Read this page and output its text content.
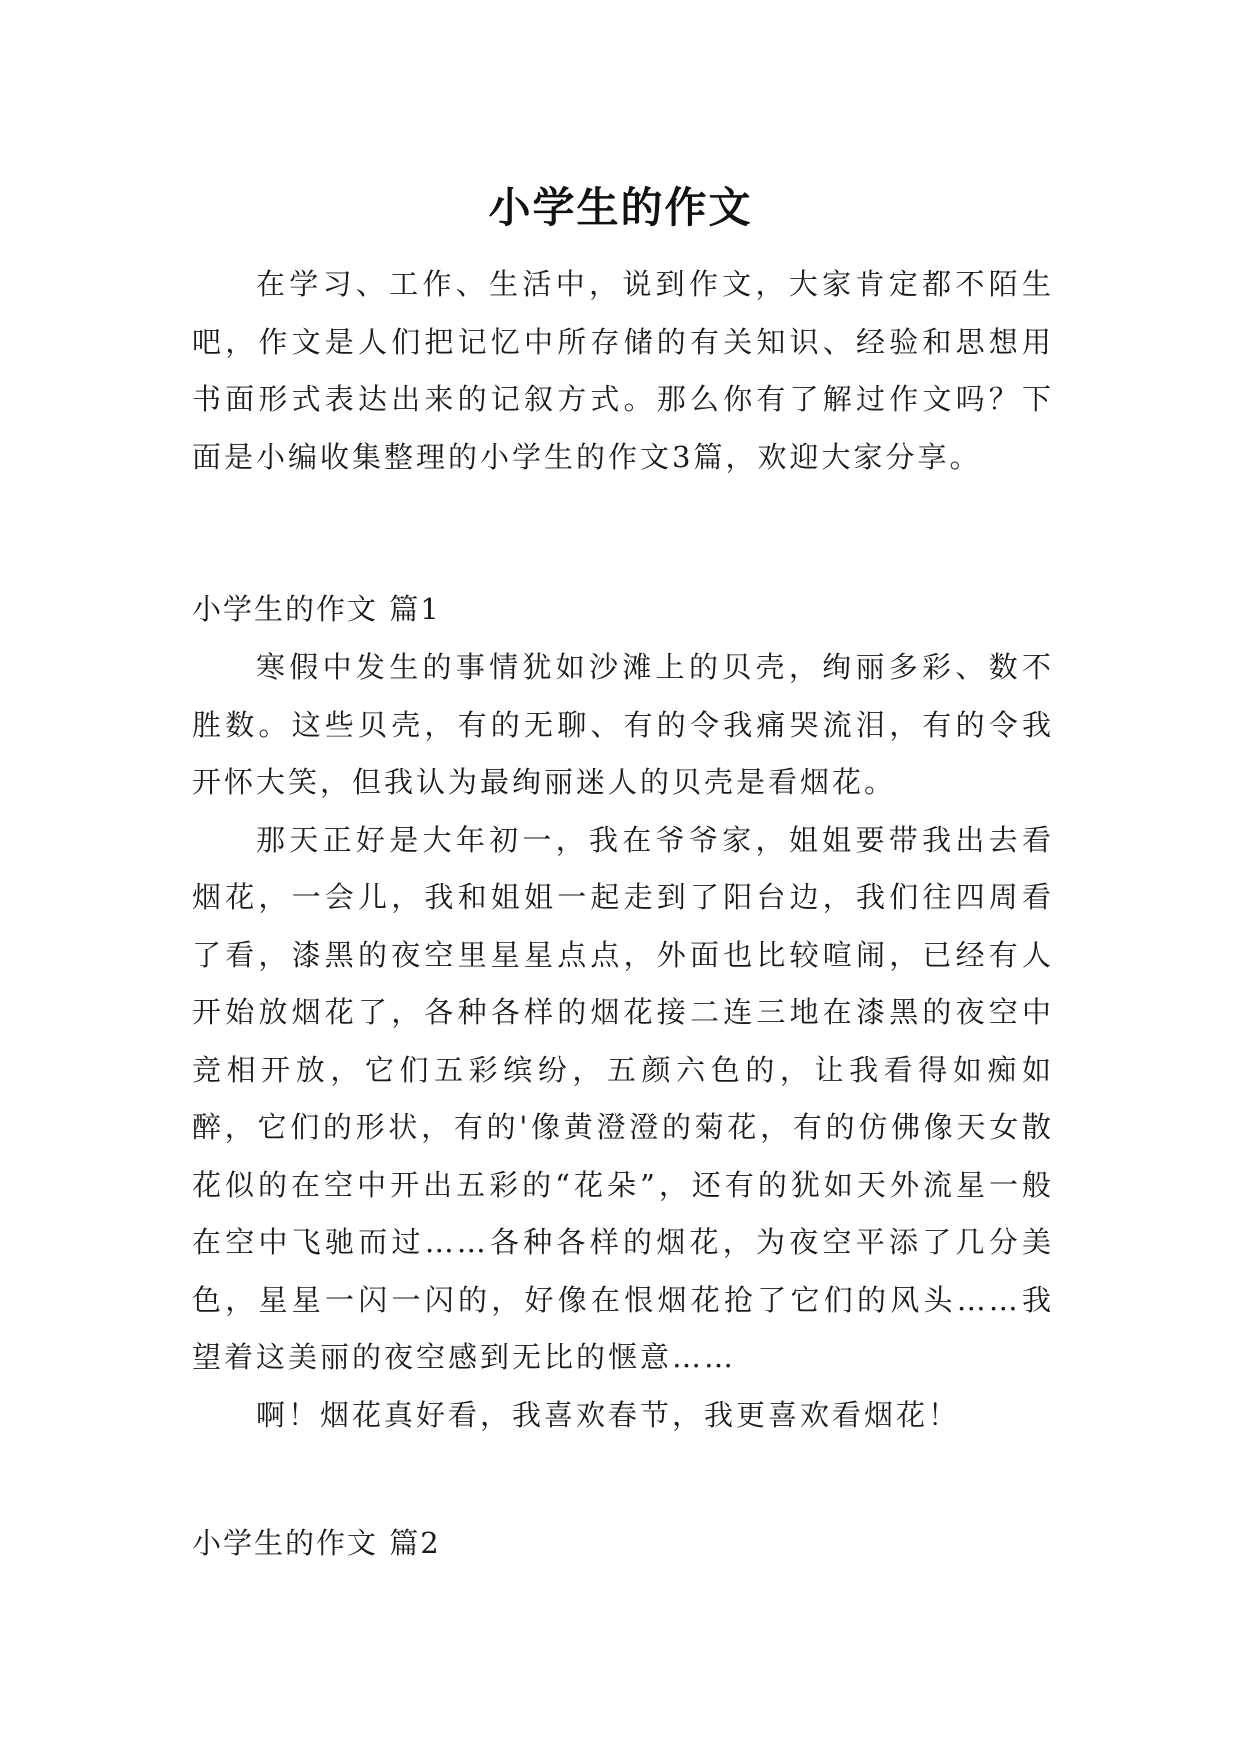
小学生的作文

在学习、工作、生活中，说到作文，大家肯定都不陌生吧，作文是人们把记忆中所存储的有关知识、经验和思想用书面形式表达出来的记叙方式。那么你有了解过作文吗？下面是小编收集整理的小学生的作文3篇，欢迎大家分享。

小学生的作文 篇1

寒假中发生的事情犹如沙滩上的贝壳，绚丽多彩、数不胜数。这些贝壳，有的无聊、有的令我痛哭流泪，有的令我开怀大笑，但我认为最绚丽迷人的贝壳是看烟花。

那天正好是大年初一，我在爷爷家，姐姐要带我出去看烟花，一会儿，我和姐姐一起走到了阳台边，我们往四周看了看，漆黑的夜空里星星点点，外面也比较喧闹，已经有人开始放烟花了，各种各样的烟花接二连三地在漆黑的夜空中竞相开放，它们五彩缤纷，五颜六色的，让我看得如痴如醉，它们的形状，有的'像黄澄澄的菊花，有的仿佛像天女散花似的在空中开出五彩的“花朵”，还有的犹如天外流星一般在空中飞驰而过……各种各样的烟花，为夜空平添了几分美色，星星一闪一闪的，好像在恨烟花抢了它们的风头……我望着这美丽的夜空感到无比的惬意……

啊！烟花真好看，我喜欢春节，我更喜欢看烟花！

小学生的作文 篇2
